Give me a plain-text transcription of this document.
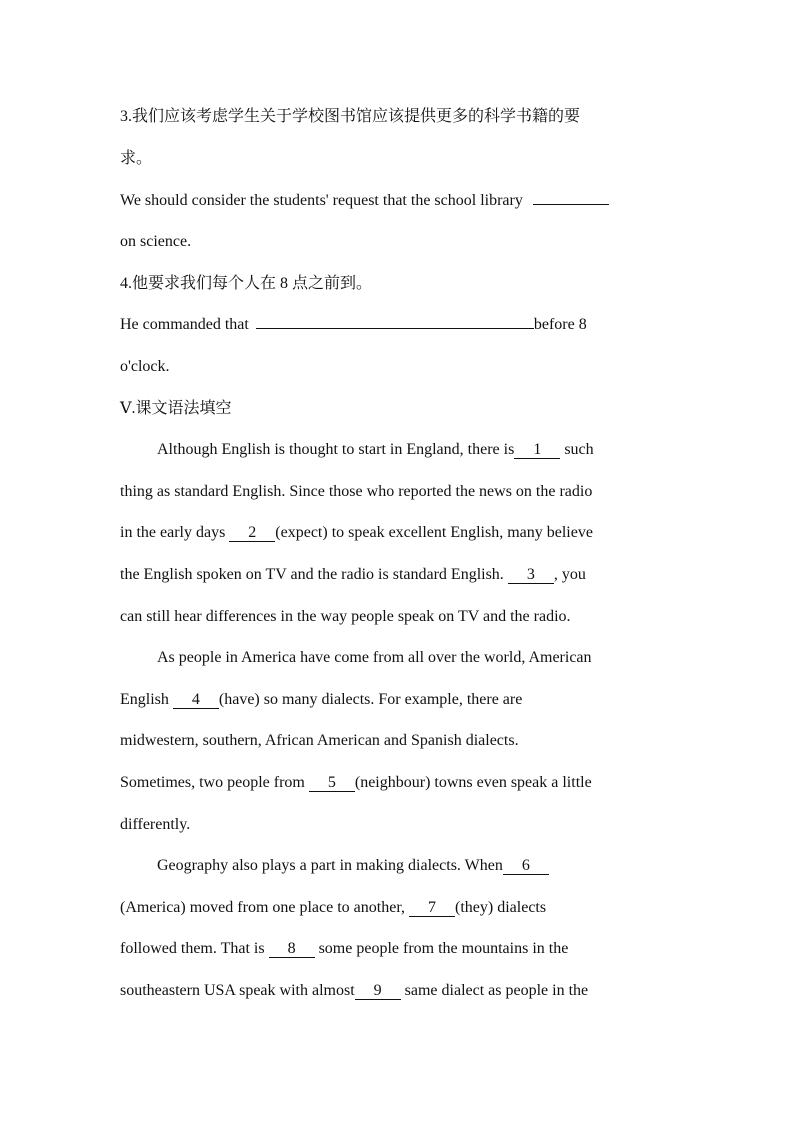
3.我们应该考虑学生关于学校图书馆应该提供更多的科学书籍的要
求。
We should consider the students' request that the school library
on science.
4.他要求我们每个人在 8 点之前到。
He commanded that	before 8
o'clock.
Ⅴ.课文语法填空
Although English is thought to start in England, there is 1 such
thing as standard English. Since those who reported the news on the radio
in the early days 2 (expect) to speak excellent English, many believe
the English spoken on TV and the radio is standard English. 3 , you
can still hear differences in the way people speak on TV and the radio.
As people in America have come from all over the world, American
English 4 (have) so many dialects. For example, there are
midwestern, southern, African American and Spanish dialects.
Sometimes, two people from 5 (neighbour) towns even speak a little
differently.
Geography also plays a part in making dialects. When 6
(America) moved from one place to another, 7 (they) dialects
followed them. That is 8 some people from the mountains in the
southeastern USA speak with almost 9 same dialect as people in the
